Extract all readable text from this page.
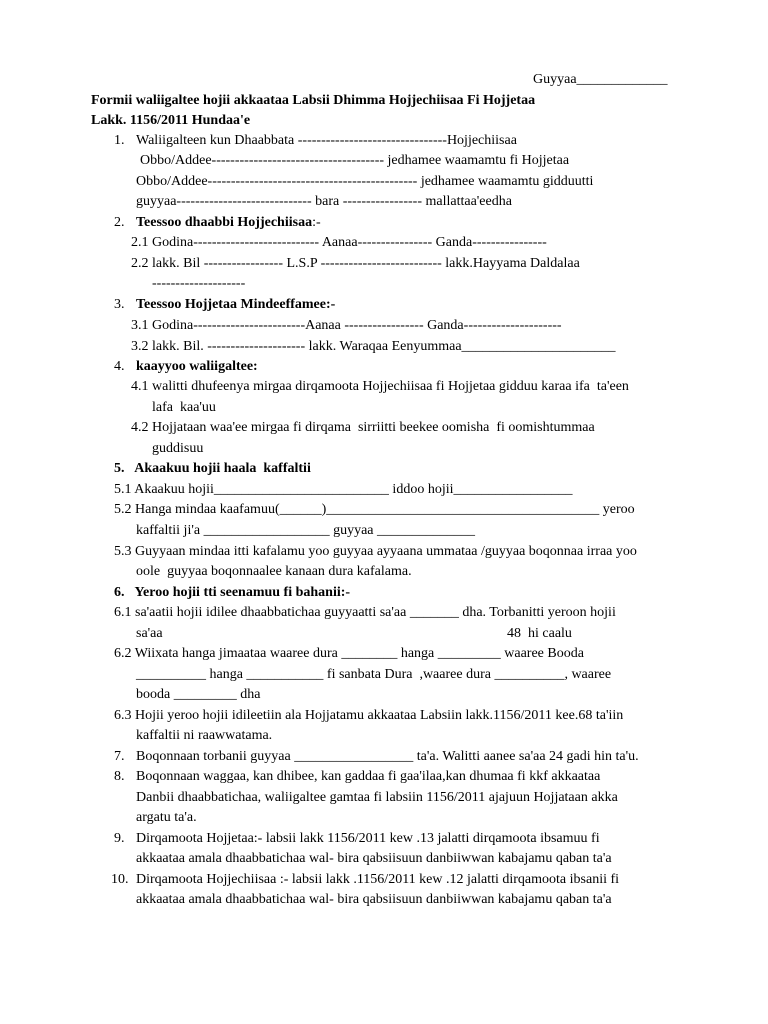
Guyyaa_____________
Formii waliigaltee hojii akkaataa Labsii Dhimma Hojjechiisaa Fi Hojjetaa
Lakk. 1156/2011 Hundaa'e
1. Waliigalteen kun Dhaabbata --------------------------------Hojjechiisaa
Obbo/Addee------------------------------------- jedhamee waamamtu fi Hojjetaa
Obbo/Addee--------------------------------------------- jedhamee waamamtu gidduutti
guyyaa----------------------------- bara ----------------- mallattaa'eedha
2. Teessoo dhaabbi Hojjechiisaa:-
2.1 Godina--------------------------- Aanaa---------------- Ganda----------------
2.2 lakk. Bil ----------------- L.S.P -------------------------- lakk.Hayyama Daldalaa
--------------------
3. Teessoo Hojjetaa Mindeeffamee:-
3.1 Godina------------------------Aanaa ----------------- Ganda---------------------
3.2 lakk. Bil. --------------------- lakk. Waraqaa Eenyummaa______________________
4. kaayyoo waliigaltee:
4.1 walitti dhufeenya mirgaa dirqamoota Hojjechiisaa fi Hojjetaa gidduu karaa ifa  ta'een
lafa  kaa'uu
4.2 Hojjataan waa'ee mirgaa fi dirqama  sirriitti beekee oomisha  fi oomishtummaa
guddisuu
5.   Akaakuu hojii haala  kaffaltii
5.1 Akaakuu hojii_________________________ iddoo hojii_________________
5.2 Hanga mindaa kaafamuu(______)_______________________________________ yeroo
kaffaltii ji'a __________________ guyyaa ______________
5.3 Guyyaan mindaa itti kafalamu yoo guyyaa ayyaana ummataa /guyyaa boqonnaa irraa yoo
oole  guyyaa boqonnaalee kanaan dura kafalama.
6.   Yeroo hojii tti seenamuu fi bahanii:-
6.1 sa'aatii hojii idilee dhaabbatichaa guyyaatti sa'aa _______ dha. Torbanitti yeroon hojii
sa'aa	48  hi caalu
6.2 Wiixata hanga jimaataa waaree dura ________ hanga _________ waaree Booda
__________ hanga ___________ fi sanbata Dura  ,waaree dura __________, waaree
booda _________ dha
6.3 Hojii yeroo hojii idileetiin ala Hojjatamu akkaataa Labsiin lakk.1156/2011 kee.68 ta'iin
kaffaltii ni raawwatama.
7. Boqonnaan torbanii guyyaa _________________ ta'a. Walitti aanee sa'aa 24 gadi hin ta'u.
8. Boqonnaan waggaa, kan dhibee, kan gaddaa fi gaa'ilaa,kan dhumaa fi kkf akkaataa
Danbii dhaabbatichaa, waliigaltee gamtaa fi labsiin 1156/2011 ajajuun Hojjataan akka
argatu ta'a.
9. Dirqamoota Hojjetaa:- labsii lakk 1156/2011 kew .13 jalatti dirqamoota ibsamuu fi
akkaataa amala dhaabbatichaa wal- bira qabsiisuun danbiiwwan kabajamu qaban ta'a
10. Dirqamoota Hojjechiisaa :- labsii lakk .1156/2011 kew .12 jalatti dirqamoota ibsanii fi
akkaataa amala dhaabbatichaa wal- bira qabsiisuun danbiiwwan kabajamu qaban ta'a
